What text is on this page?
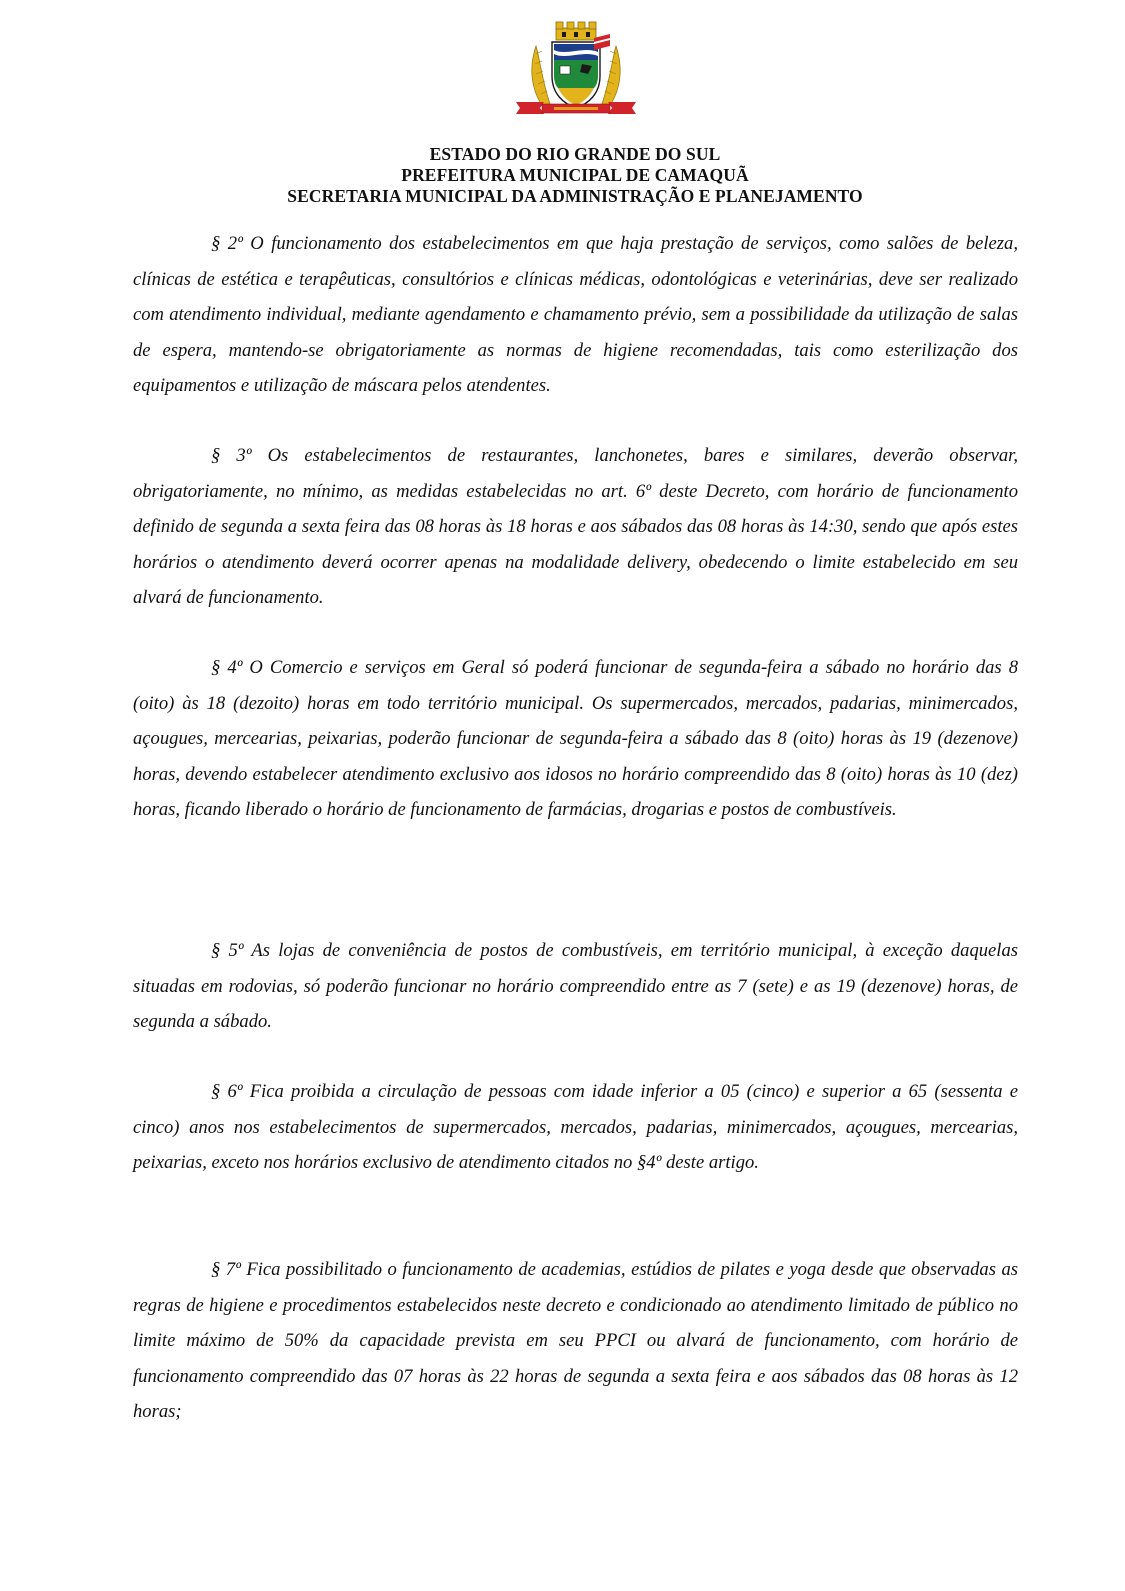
ESTADO DO RIO GRANDE DO SUL
PREFEITURA MUNICIPAL DE CAMAQUÃ
SECRETARIA MUNICIPAL DA ADMINISTRAÇÃO E PLANEJAMENTO

§ 2º O funcionamento dos estabelecimentos em que haja prestação de serviços, como salões de beleza, clínicas de estética e terapêuticas, consultórios e clínicas médicas, odontológicas e veterinárias, deve ser realizado com atendimento individual, mediante agendamento e chamamento prévio, sem a possibilidade da utilização de salas de espera, mantendo-se obrigatoriamente as normas de higiene recomendadas, tais como esterilização dos equipamentos e utilização de máscara pelos atendentes.

§ 3º Os estabelecimentos de restaurantes, lanchonetes, bares e similares, deverão observar, obrigatoriamente, no mínimo, as medidas estabelecidas no art. 6º deste Decreto, com horário de funcionamento definido de segunda a sexta feira das 08 horas às 18 horas e aos sábados das 08 horas às 14:30, sendo que após estes horários o atendimento deverá ocorrer apenas na modalidade delivery, obedecendo o limite estabelecido em seu alvará de funcionamento.

§ 4º O Comercio e serviços em Geral só poderá funcionar de segunda-feira a sábado no horário das 8 (oito) às 18 (dezoito) horas em todo território municipal. Os supermercados, mercados, padarias, minimercados, açougues, mercearias, peixarias, poderão funcionar de segunda-feira a sábado das 8 (oito) horas às 19 (dezenove) horas, devendo estabelecer atendimento exclusivo aos idosos no horário compreendido das 8 (oito) horas às 10 (dez) horas, ficando liberado o horário de funcionamento de farmácias, drogarias e postos de combustíveis.

§ 5º As lojas de conveniência de postos de combustíveis, em território municipal, à exceção daquelas situadas em rodovias, só poderão funcionar no horário compreendido entre as 7 (sete) e as 19 (dezenove) horas, de segunda a sábado.

§ 6º Fica proibida a circulação de pessoas com idade inferior a 05 (cinco) e superior a 65 (sessenta e cinco) anos nos estabelecimentos de supermercados, mercados, padarias, minimercados, açougues, mercearias, peixarias, exceto nos horários exclusivo de atendimento citados no §4º deste artigo.

§ 7º Fica possibilitado o funcionamento de academias, estúdios de pilates e yoga desde que observadas as regras de higiene e procedimentos estabelecidos neste decreto e condicionado ao atendimento limitado de público no limite máximo de 50% da capacidade prevista em seu PPCI ou alvará de funcionamento, com horário de funcionamento compreendido das 07 horas às 22 horas de segunda a sexta feira e aos sábados das 08 horas às 12 horas;
